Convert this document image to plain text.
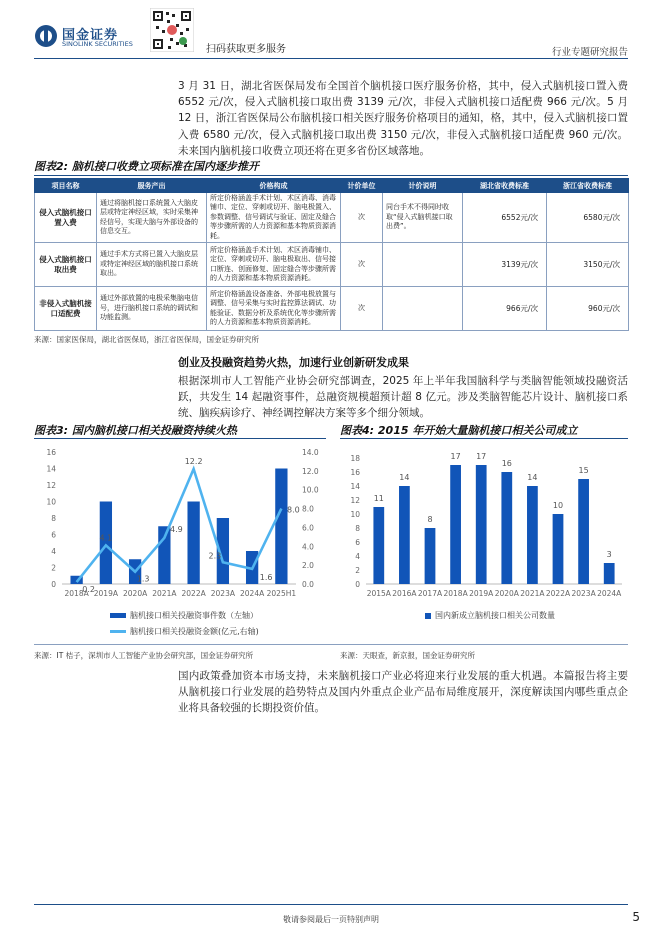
国金证券
SINOLINK SECURITIES	扫码获取更多服务	行业专题研究报告
3 月 31 日，湖北省医保局发布全国首个脑机接口医疗服务价格，其中，侵入式脑机接口置入费 6552 元/次，侵入式脑机接口取出费 3139 元/次，非侵入式脑机接口适配费 966 元/次。5 月 12 日，浙江省医保局公布脑机接口相关医疗服务价格项目的通知，格，其中，侵入式脑机接口置入费 6580 元/次，侵入式脑机接口取出费 3150 元/次，非侵入式脑机接口适配费 960 元/次。未来国内脑机接口收费立项还将在更多省份区域落地。
图表2: 脑机接口收费立项标准在国内逐步推开
项目名称	服务产出	价格构成	计价单位	计价说明	湖北省收费标准	浙江省收费标准
侵入式脑机接口置入费	通过将脑机接口系统置入大脑皮层或特定神经区域，实时采集神经信号，实现大脑与外部设备的信息交互。	所定价格涵盖手术计划、术区消毒、消毒铺巾、定位、穿刺或切开、脑电极置入、参数调整、信号调试与验证、固定及缝合等步骤所需的人力资源和基本物质资源消耗。	次	同台手术不得同时收取“侵入式脑机接口取出费”。	6552元/次	6580元/次
侵入式脑机接口取出费	通过手术方式将已置入大脑皮层或特定神经区域的脑机接口系统取出。	所定价格涵盖手术计划、术区消毒铺巾、定位、穿刺或切开、脑电极取出、信号接口断连、创面修复、固定缝合等步骤所需的人力资源和基本物质资源消耗。	次		3139元/次	3150元/次
非侵入式脑机接口适配费	通过外部放置的电极采集脑电信号，进行脑机接口系统的调试和功能监测。	所定价格涵盖设备准备、外部电极放置与调整、信号采集与实时监控算法调试、功能验证、数据分析及系统优化等步骤所需的人力资源和基本物质资源消耗。	次		966元/次	960元/次
来源：国家医保局，湖北省医保局，浙江省医保局，国金证券研究所
创业及投融资趋势火热，加速行业创新研发成果
根据深圳市人工智能产业协会研究部调查，2025 年上半年我国脑科学与类脑智能领域投融资活跃，共发生 14 起融资事件，总融资规模超预计超 8 亿元。涉及类脑智能芯片设计、脑机接口系统、脑疾病诊疗、神经调控解决方案等多个细分领域。
图表3: 国内脑机接口相关投融资持续火热
0
2
4
6
8
10
12
14
16
0.0
2.0
4.0
6.0
8.0
10.0
12.0
14.0
0.2
4.1
1.3
4.9
12.2
2.3
1.6
8.0
2018A 2019A 2020A 2021A 2022A 2023A 2024A 2025H1
脑机接口相关投融资事件数（左轴）
脑机接口相关投融资金额(亿元,右轴)
图表4: 2015 年开始大量脑机接口相关公司成立
0
2
4
6
8
10
12
14
16
18
11
14
8
17 17
16
14
10
15
3
2015A 2016A 2017A 2018A 2019A 2020A 2021A 2022A 2023A 2024A
国内新成立脑机接口相关公司数量
来源：IT 桔子，深圳市人工智能产业协会研究部，国金证券研究所	来源：天眼查，新京报，国金证券研究所
国内政策叠加资本市场支持，未来脑机接口产业必将迎来行业发展的重大机遇。本篇报告将主要从脑机接口行业发展的趋势特点及国内外重点企业产品布局维度展开，深度解读国内哪些重点企业将具备较强的长期投资价值。
敬请参阅最后一页特别声明	5
